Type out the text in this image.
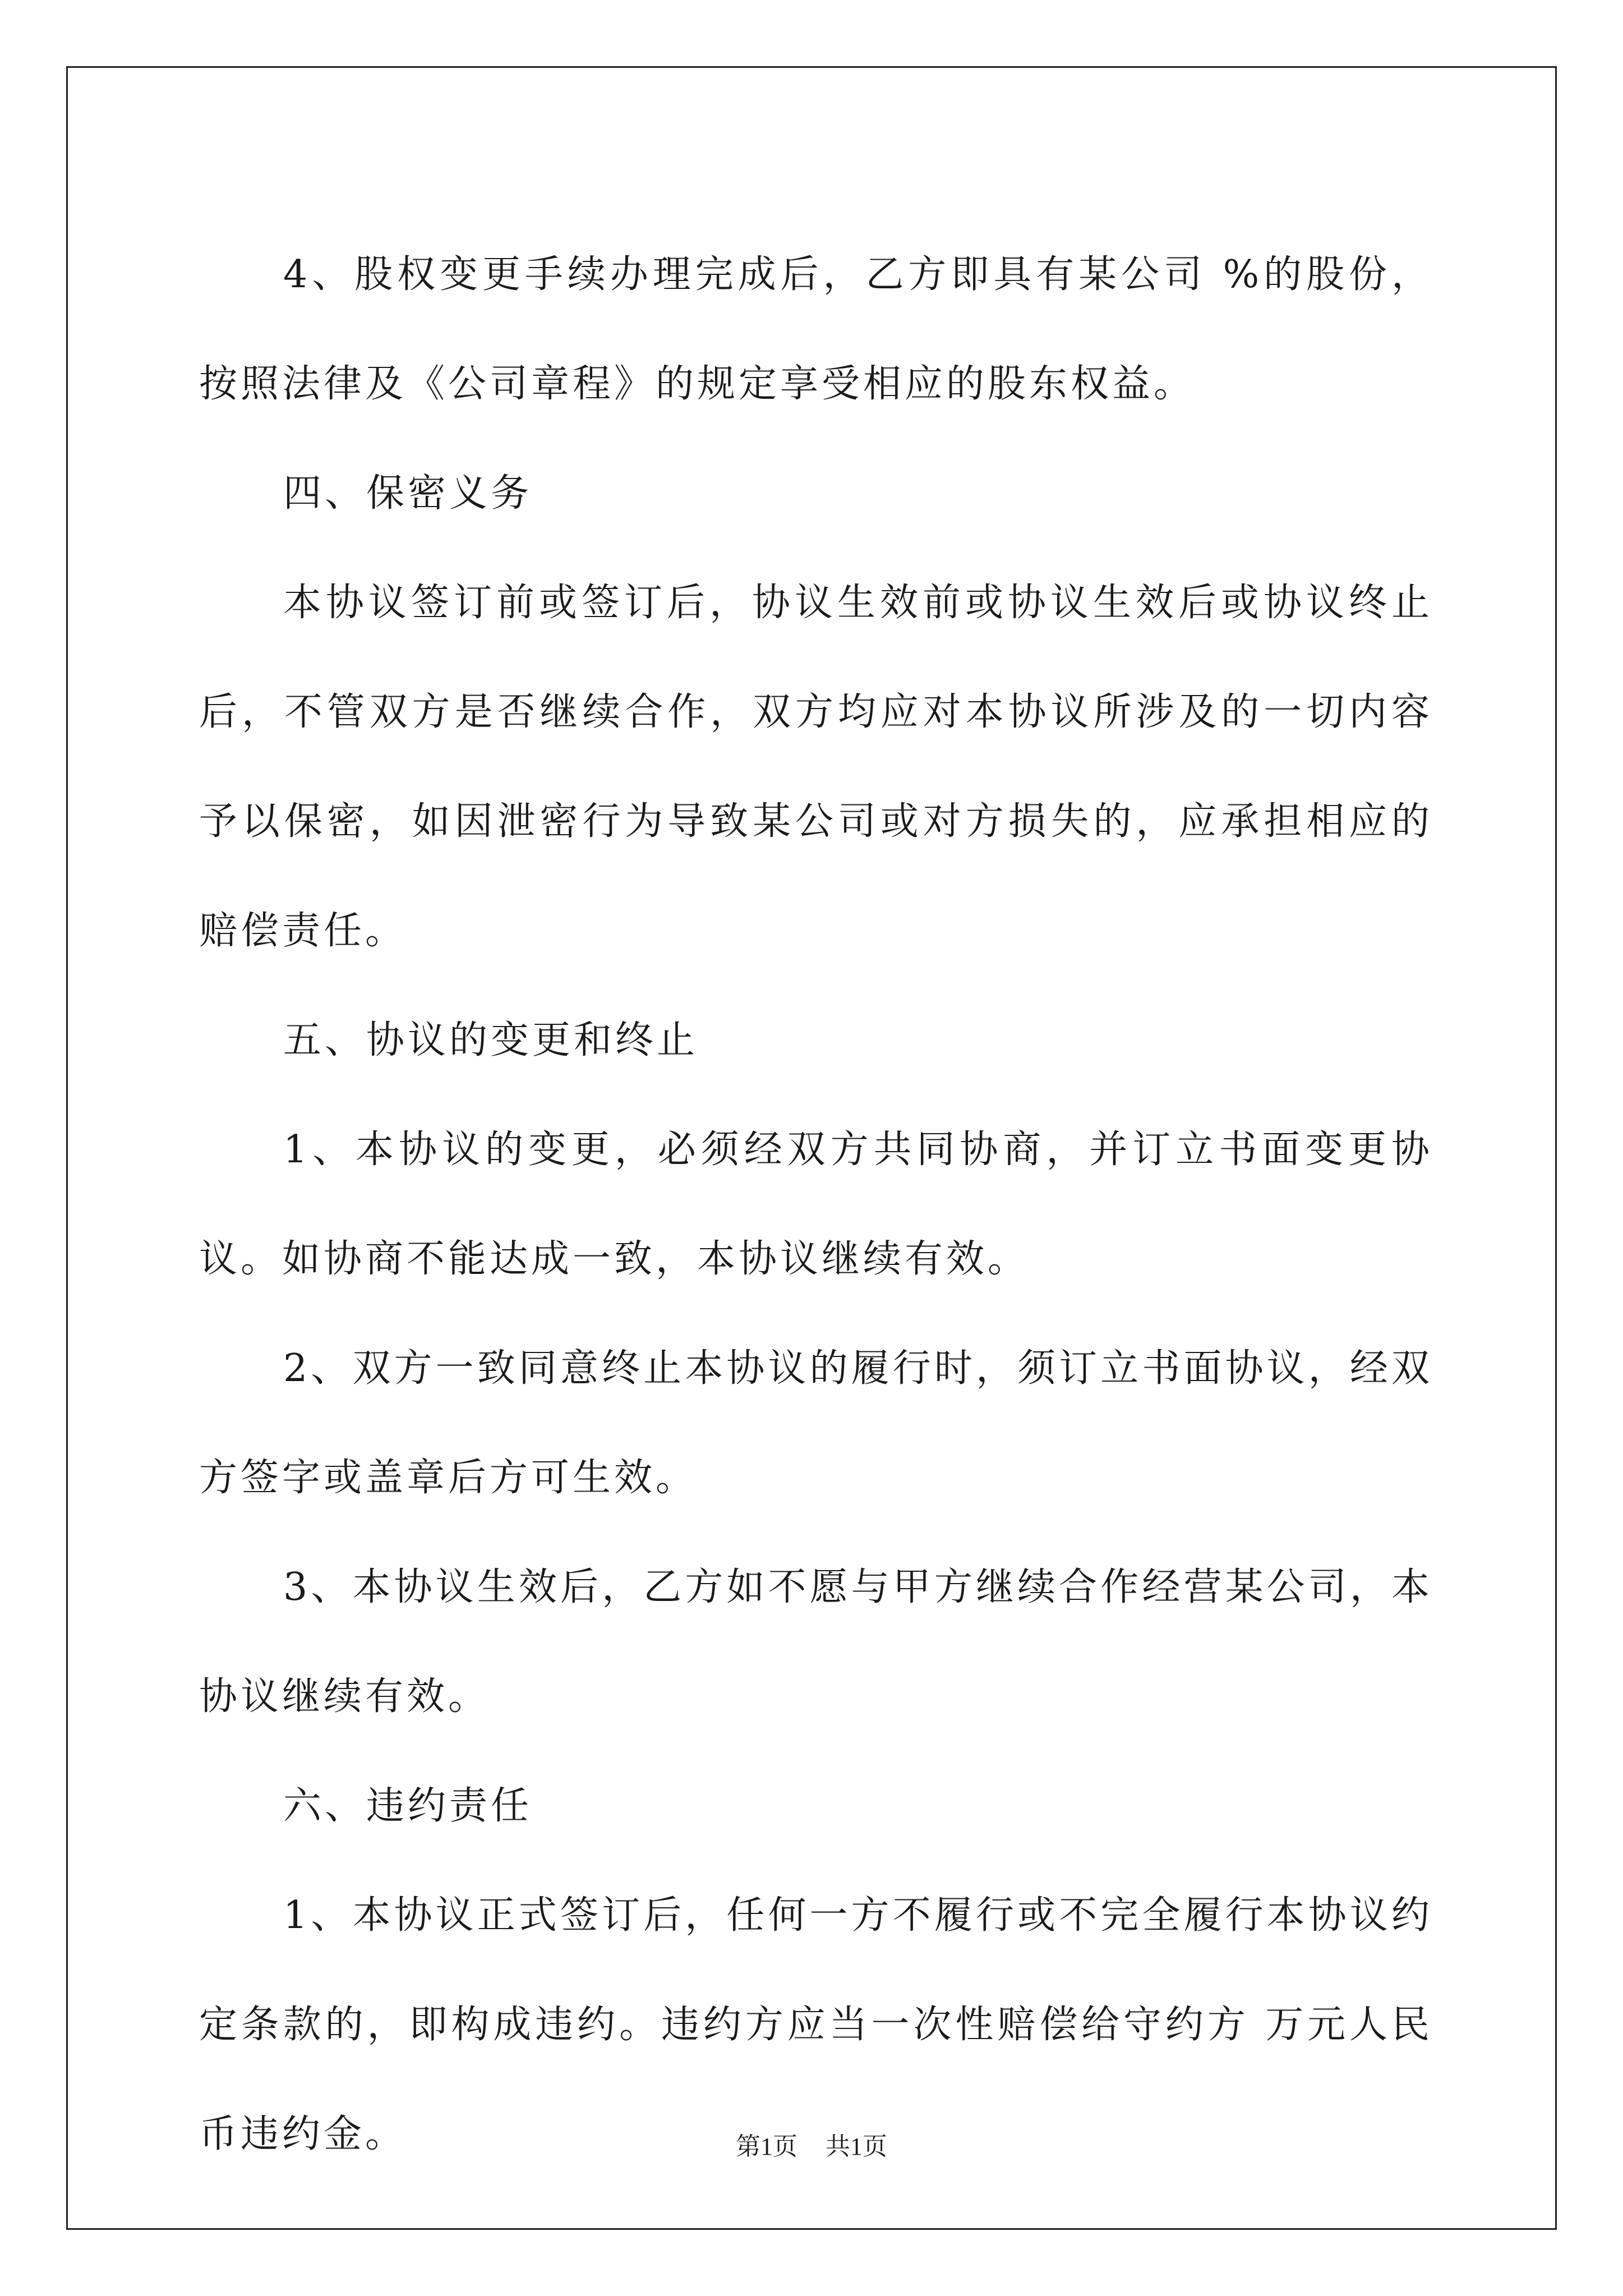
4、股权变更手续办理完成后，乙方即具有某公司 %的股份，按照法律及《公司章程》的规定享受相应的股东权益。

四、保密义务

本协议签订前或签订后，协议生效前或协议生效后或协议终止后，不管双方是否继续合作，双方均应对本协议所涉及的一切内容予以保密，如因泄密行为导致某公司或对方损失的，应承担相应的赔偿责任。

五、协议的变更和终止

1、本协议的变更，必须经双方共同协商，并订立书面变更协议。如协商不能达成一致，本协议继续有效。

2、双方一致同意终止本协议的履行时，须订立书面协议，经双方签字或盖章后方可生效。

3、本协议生效后，乙方如不愿与甲方继续合作经营某公司，本协议继续有效。

六、违约责任

1、本协议正式签订后，任何一方不履行或不完全履行本协议约定条款的，即构成违约。违约方应当一次性赔偿给守约方 万元人民币违约金。	第1页 共1页
